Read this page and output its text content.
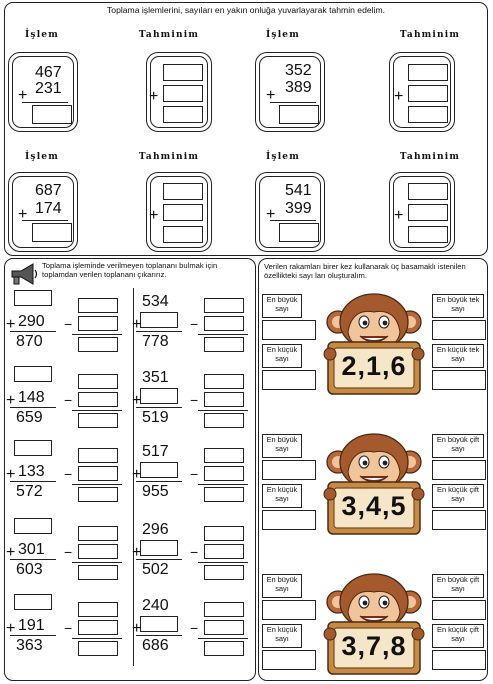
Toplama işlemlerini, sayıları en yakın onluğa yuvarlayarak tahmin edelim.
İşlem	Tahminim	İşlem	Tahminim
467
231
+	+
352
389
+	+
İşlem	Tahminim	İşlem	Tahminim
687
174
+	+
541
399
+	+
Toplama işleminde verilmeyen toplananı bulmak için toplamdan verilen toplananı çıkarırız.
290
+
870
−
148
+
659
−
133
+
572
−
301
+
603
−
191
+
363
−
534
+
778
−
351
+
519
−
517
+
955
−
296
+
502
−
240
+
686
−
Verilen rakamları birer kez kullanarak üç basamaklı istenilen özellikteki sayı ları oluşturalım.
En büyük sayı
En küçük sayı
En büyük tek sayı
En küçük tek sayı
2,1,6
En büyük sayı
En küçük sayı
En büyük çift sayı
En küçük çift sayı
3,4,5
En büyük sayı
En küçük sayı
En büyük çift sayı
En küçük çift sayı
3,7,8
